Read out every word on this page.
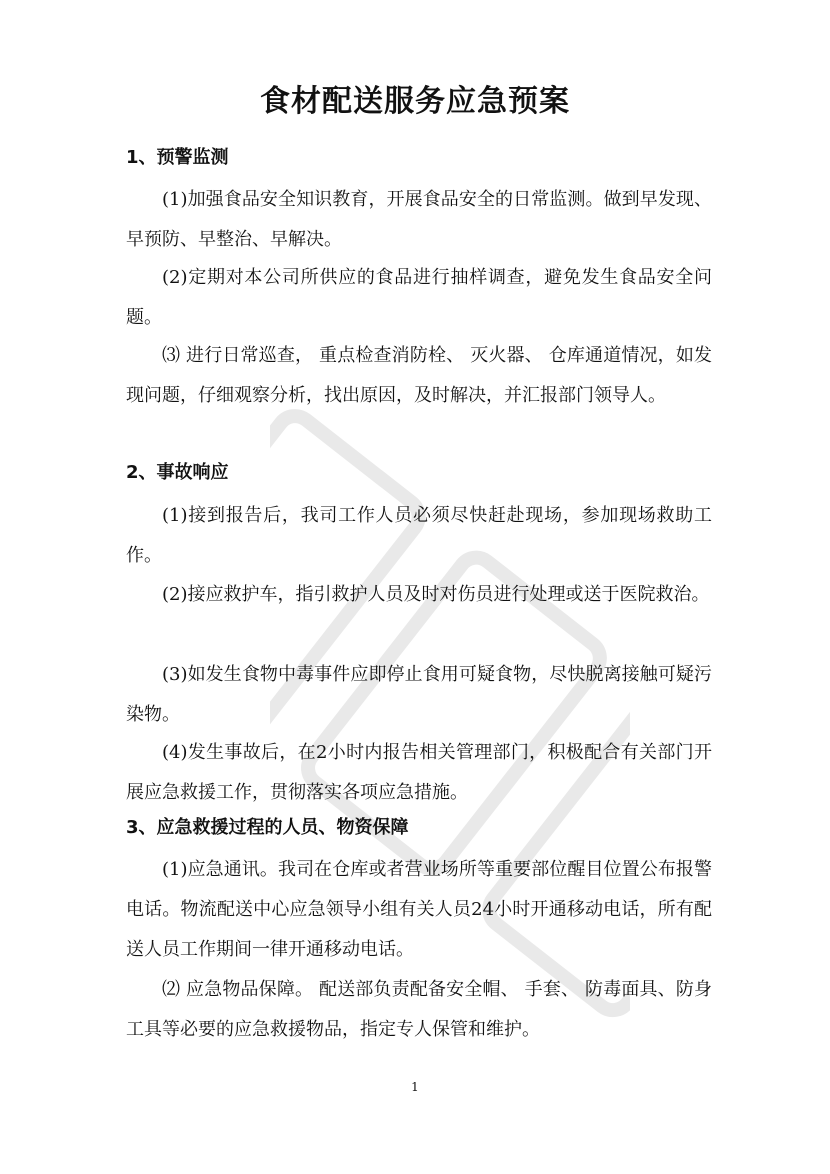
食材配送服务应急预案
1、预警监测

(1)加强食品安全知识教育，开展食品安全的日常监测。做到早发现、早预防、早整治、早解决。

(2)定期对本公司所供应的食品进行抽样调查，避免发生食品安全问题。

⑶ 进行日常巡查， 重点检查消防栓、 灭火器、 仓库通道情况，如发现问题，仔细观察分析，找出原因，及时解决，并汇报部门领导人。

2、事故响应

(1)接到报告后，我司工作人员必须尽快赶赴现场，参加现场救助工作。

(2)接应救护车，指引救护人员及时对伤员进行处理或送于医院救治。

(3)如发生食物中毒事件应即停止食用可疑食物，尽快脱离接触可疑污染物。

(4)发生事故后，在2小时内报告相关管理部门，积极配合有关部门开展应急救援工作，贯彻落实各项应急措施。

3、应急救援过程的人员、物资保障

(1)应急通讯。我司在仓库或者营业场所等重要部位醒目位置公布报警电话。物流配送中心应急领导小组有关人员24小时开通移动电话，所有配送人员工作期间一律开通移动电话。

⑵ 应急物品保障。 配送部负责配备安全帽、 手套、 防毒面具、防身工具等必要的应急救援物品，指定专人保管和维护。

1
